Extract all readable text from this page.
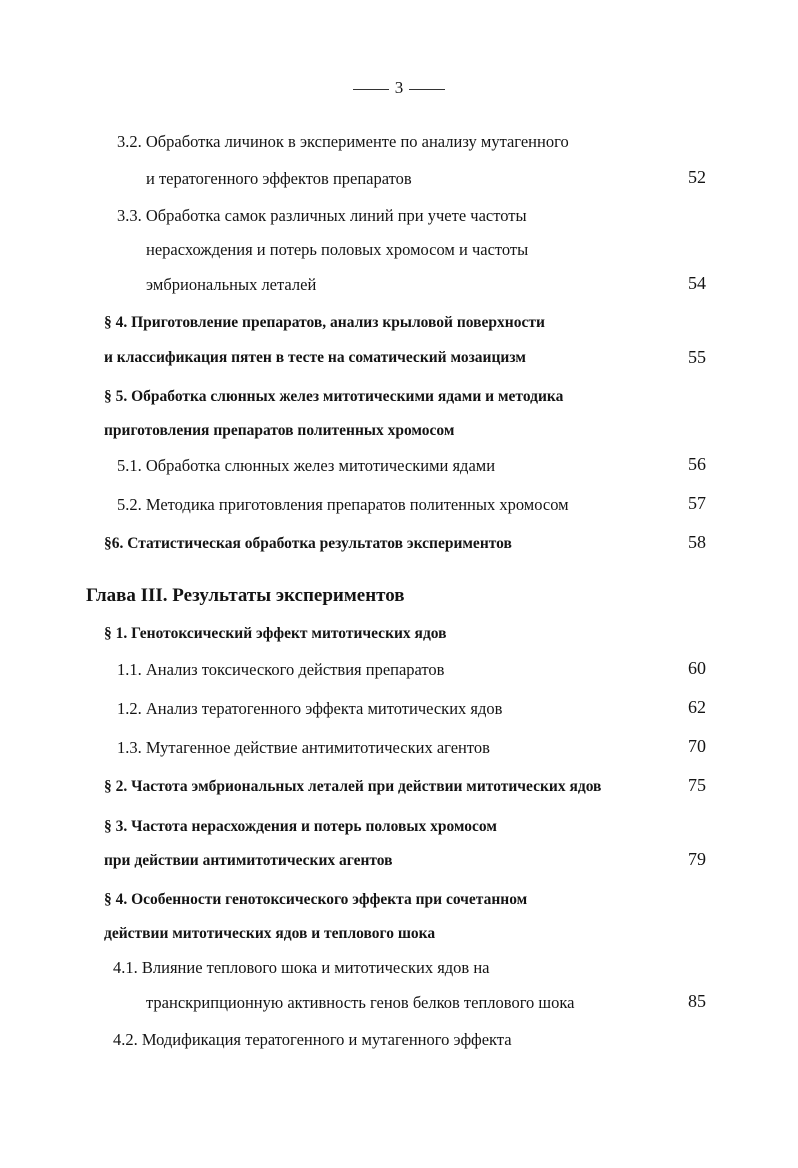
3
3.2. Обработка личинок в эксперименте по анализу мутагенного
и тератогенного эффектов препаратов	52
3.3. Обработка самок различных линий при учете частоты
нерасхождения и потерь половых хромосом и частоты
эмбриональных леталей	54
§ 4. Приготовление препаратов, анализ крыловой поверхности
и классификация пятен в тесте на соматический мозаицизм	55
§ 5. Обработка слюнных желез митотическими ядами и методика
приготовления препаратов политенных хромосом
5.1. Обработка слюнных желез митотическими ядами	56
5.2. Методика приготовления препаратов политенных хромосом	57
§6. Статистическая обработка результатов экспериментов	58
Глава III. Результаты экспериментов
§ 1. Генотоксический эффект митотических ядов
1.1. Анализ токсического действия препаратов	60
1.2. Анализ тератогенного эффекта митотических ядов	62
1.3. Мутагенное действие антимитотических агентов	70
§ 2. Частота эмбриональных леталей при действии митотических ядов	75
§ 3. Частота нерасхождения и потерь половых хромосом
при действии антимитотических агентов	79
§ 4. Особенности генотоксического эффекта при сочетанном
действии митотических ядов и теплового шока
4.1. Влияние теплового шока и митотических ядов на
транскрипционную активность генов белков теплового шока	85
4.2. Модификация тератогенного и мутагенного эффекта
